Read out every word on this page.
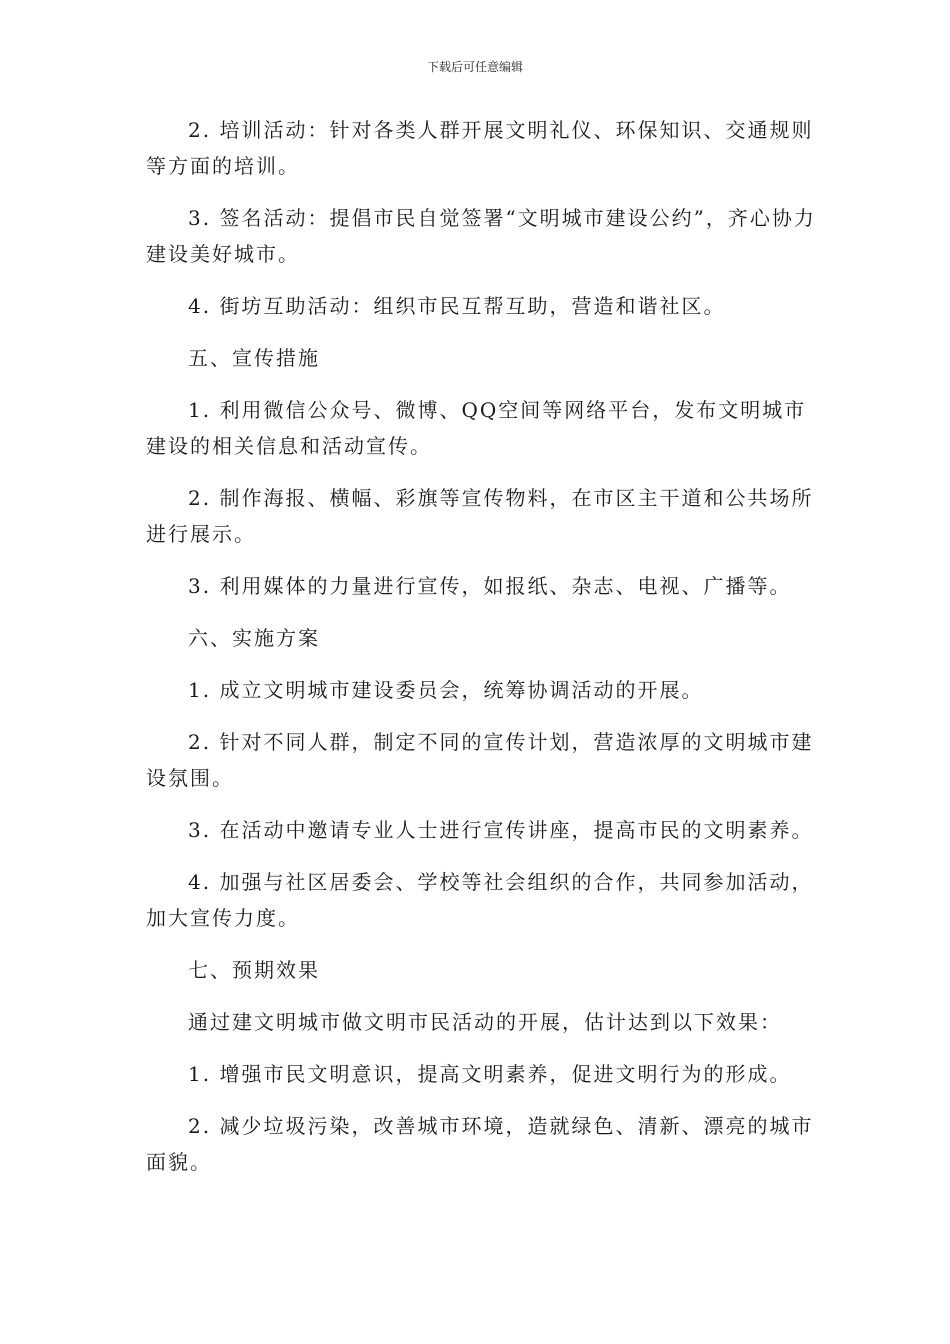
下载后可任意编辑

2. 培训活动：针对各类人群开展文明礼仪、环保知识、交通规则等方面的培训。

3. 签名活动：提倡市民自觉签署“文明城市建设公约”，齐心协力建设美好城市。

4. 街坊互助活动：组织市民互帮互助，营造和谐社区。

五、宣传措施

1. 利用微信公众号、微博、QQ空间等网络平台，发布文明城市建设的相关信息和活动宣传。

2. 制作海报、横幅、彩旗等宣传物料，在市区主干道和公共场所进行展示。

3. 利用媒体的力量进行宣传，如报纸、杂志、电视、广播等。

六、实施方案

1. 成立文明城市建设委员会，统筹协调活动的开展。

2. 针对不同人群，制定不同的宣传计划，营造浓厚的文明城市建设氛围。

3. 在活动中邀请专业人士进行宣传讲座，提高市民的文明素养。

4. 加强与社区居委会、学校等社会组织的合作，共同参加活动，加大宣传力度。

七、预期效果

通过建文明城市做文明市民活动的开展，估计达到以下效果：

1. 增强市民文明意识，提高文明素养，促进文明行为的形成。

2. 减少垃圾污染，改善城市环境，造就绿色、清新、漂亮的城市面貌。
